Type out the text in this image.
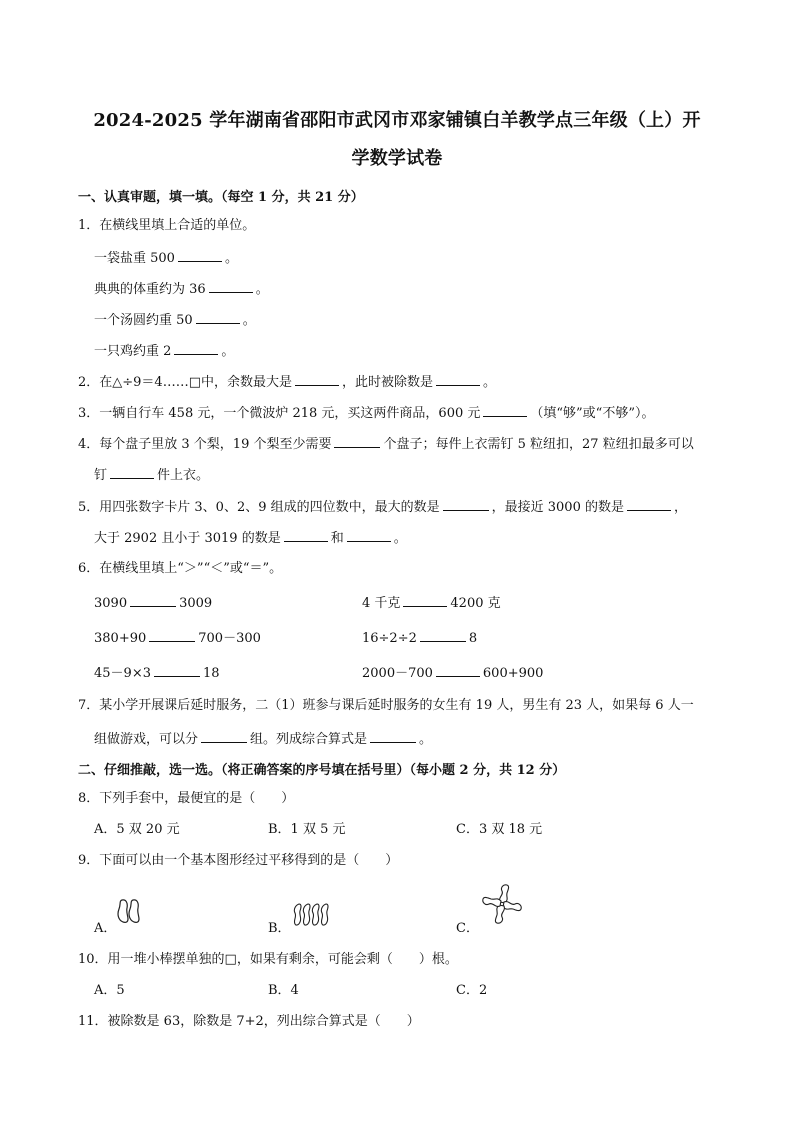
2024-2025 学年湖南省邵阳市武冈市邓家铺镇白羊教学点三年级（上）开
学数学试卷
一、认真审题，填一填。（每空 1 分，共 21 分）
1．在横线里填上合适的单位。
一袋盐重 500	。
典典的体重约为 36	。
一个汤圆约重 50	。
一只鸡约重 2	。
2．在△÷9＝4……□中，余数最大是	，此时被除数是	。
3．一辆自行车 458 元，一个微波炉 218 元，买这两件商品，600 元	（填“够”或“不够”）。
4．每个盘子里放 3 个梨，19 个梨至少需要	个盘子；每件上衣需钉 5 粒纽扣，27 粒纽扣最多可以
钉	件上衣。
5．用四张数字卡片 3、0、2、9 组成的四位数中，最大的数是	，最接近 3000 的数是	，
大于 2902 且小于 3019 的数是	和	。
6．在横线里填上“＞”“＜”或“＝”。
3090	3009	4 千克	4200 克
380+90	700－300	16÷2÷2	8
45－9×3	18	2000－700	600+900
7．某小学开展课后延时服务，二（1）班参与课后延时服务的女生有 19 人，男生有 23 人，如果每 6 人一
组做游戏，可以分	组。列成综合算式是	。
二、仔细推敲，选一选。（将正确答案的序号填在括号里）（每小题 2 分，共 12 分）
8．下列手套中，最便宜的是（　　）
A．5 双 20 元	B．1 双 5 元	C．3 双 18 元
9．下面可以由一个基本图形经过平移得到的是（　　）
A．	B．	C．
10．用一堆小棒摆单独的□，如果有剩余，可能会剩（　　）根。
A．5	B．4	C．2
11．被除数是 63，除数是 7+2，列出综合算式是（　　）
